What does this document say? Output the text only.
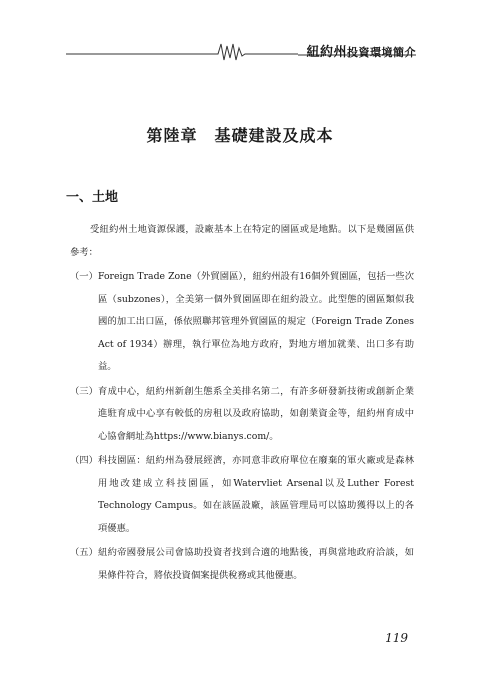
紐約州投資環境簡介
第陸章　基礎建設及成本
一、土地
受紐約州土地資源保護，設廠基本上在特定的園區或是地點。以下是幾園區供參考：
（一） Foreign Trade Zone（外貿園區），紐約州設有16個外貿園區，包括一些次區（subzones），全美第一個外貿園區即在紐約設立。此型態的園區類似我國的加工出口區，係依照聯邦管理外貿園區的規定（Foreign Trade Zones Act of 1934）辦理，執行單位為地方政府，對地方增加就業、出口多有助益。
（三） 育成中心，紐約州新創生態系全美排名第二，有許多研發新技術或創新企業進駐育成中心享有較低的房租以及政府協助，如創業資金等，紐約州育成中心協會網址為https://www.bianys.com/。
（四） 科技園區：紐約州為發展經濟，亦同意非政府單位在廢棄的軍火廠或是森林用地改建成立科技園區，如Watervliet Arsenal以及Luther Forest Technology Campus。如在該區設廠，該區管理局可以協助獲得以上的各項優惠。
（五） 紐約帝國發展公司會協助投資者找到合適的地點後，再與當地政府洽談，如果條件符合，將依投資個案提供稅務或其他優惠。
119
